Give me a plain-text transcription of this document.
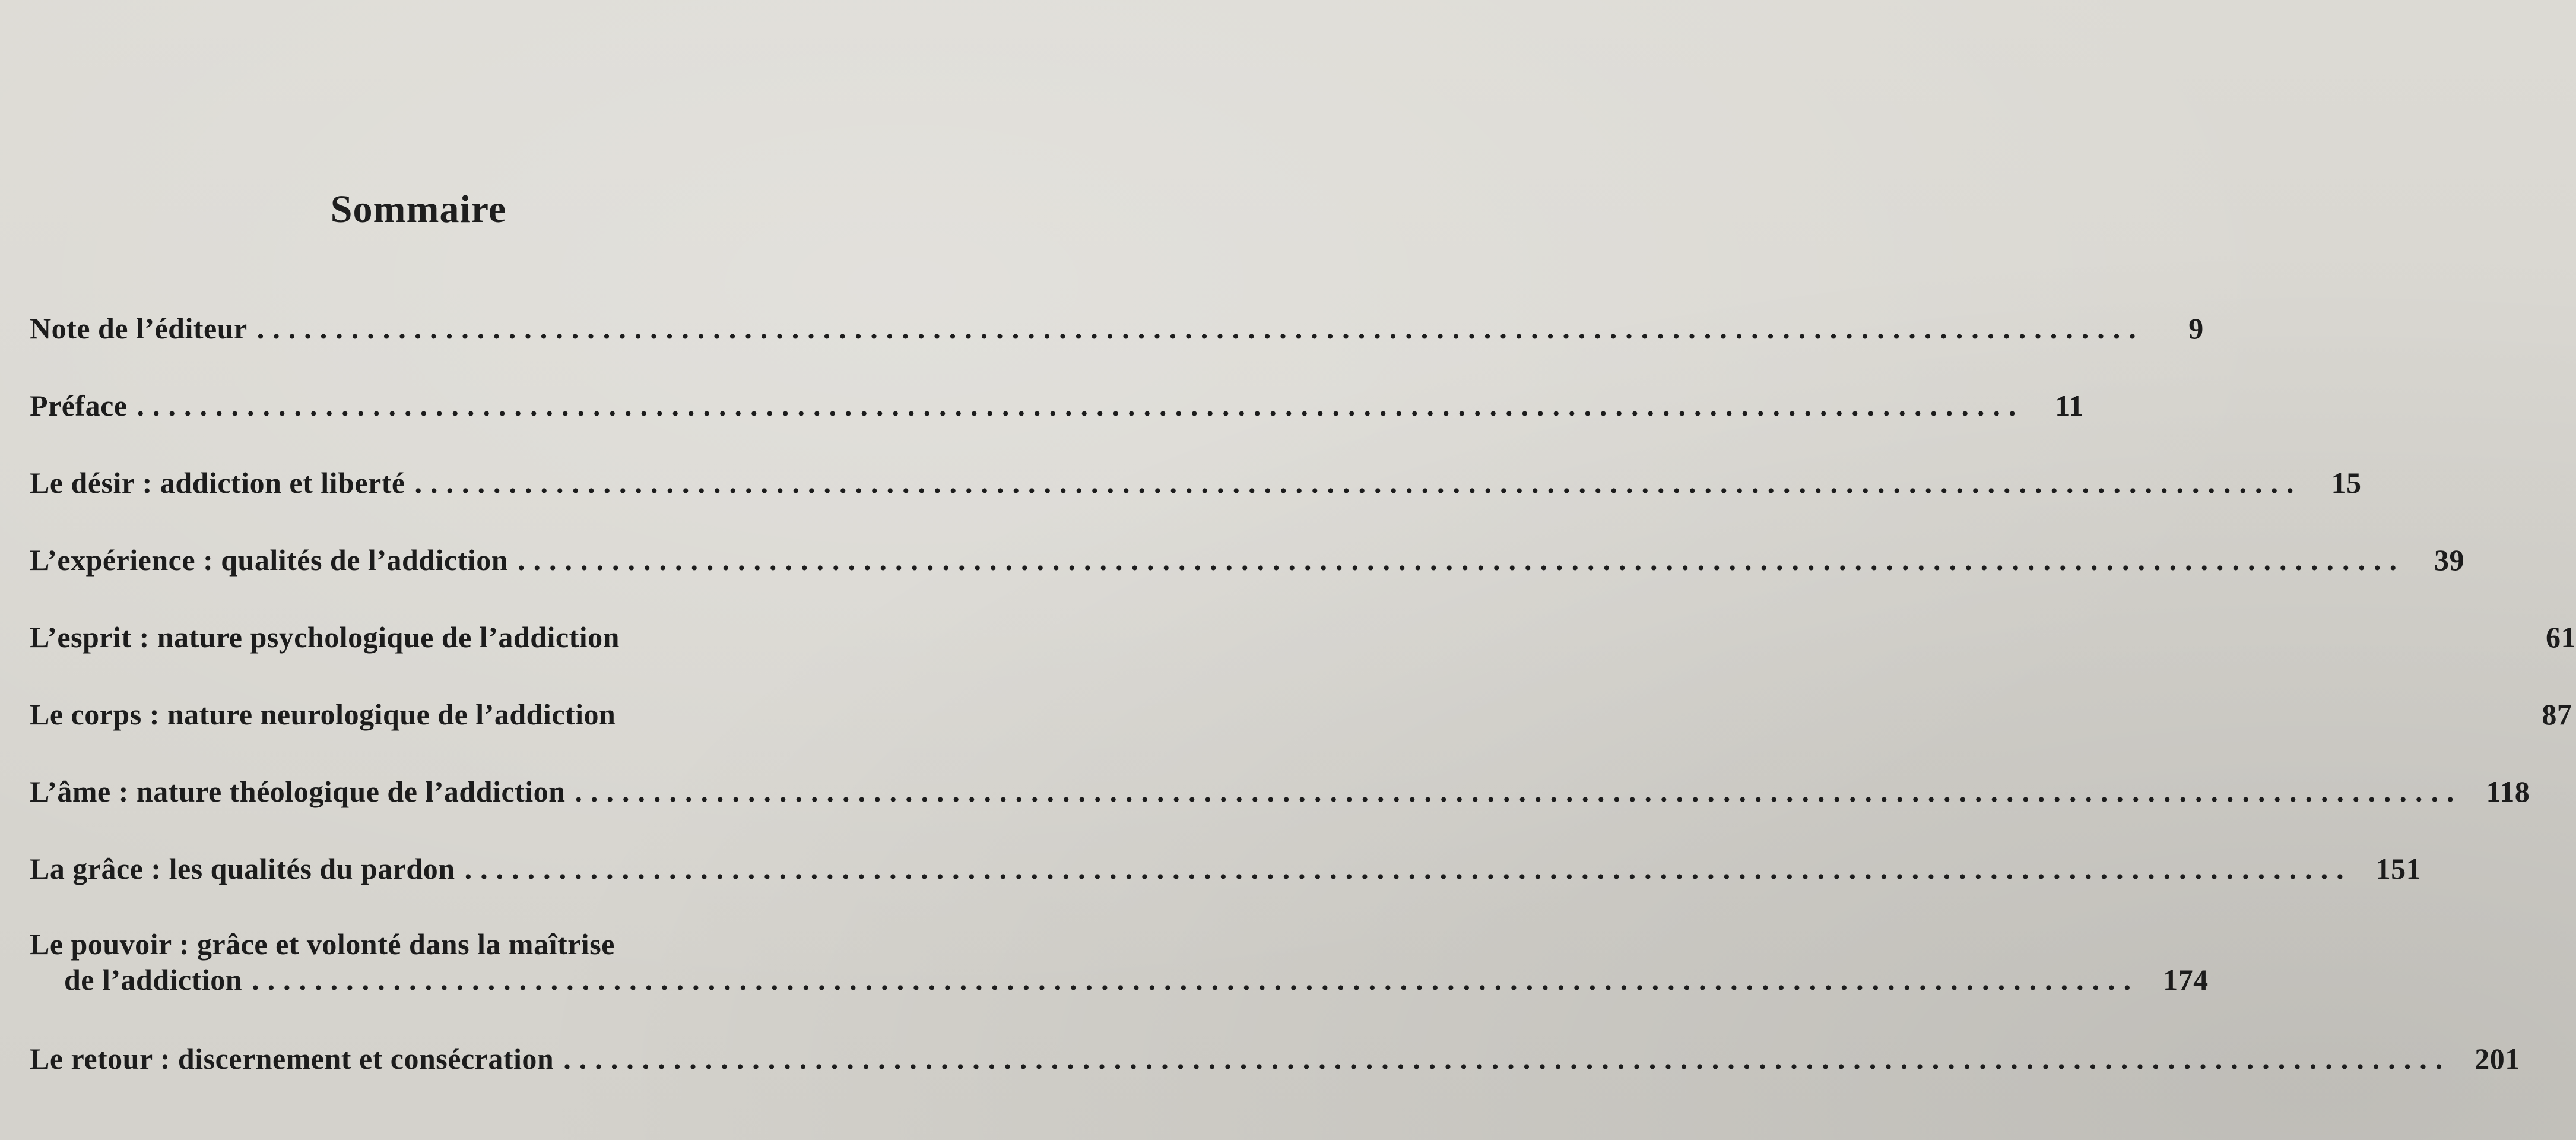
Sommaire
Note de l’éditeur ........................................................................................................................	9
Préface ........................................................................................................................ 11
Le désir : addiction et liberté ........................................................................................................................ 15
L’expérience : qualités de l’addiction ........................................................................................................................ 39
L’esprit : nature psychologique de l’addiction	61
Le corps : nature neurologique de l’addiction	87
L’âme : nature théologique de l’addiction ........................................................................................................................ 118
La grâce : les qualités du pardon ........................................................................................................................ 151
Le pouvoir : grâce et volonté dans la maîtrise
de l’addiction ........................................................................................................................ 174
Le retour : discernement et consécration ........................................................................................................................ 201
